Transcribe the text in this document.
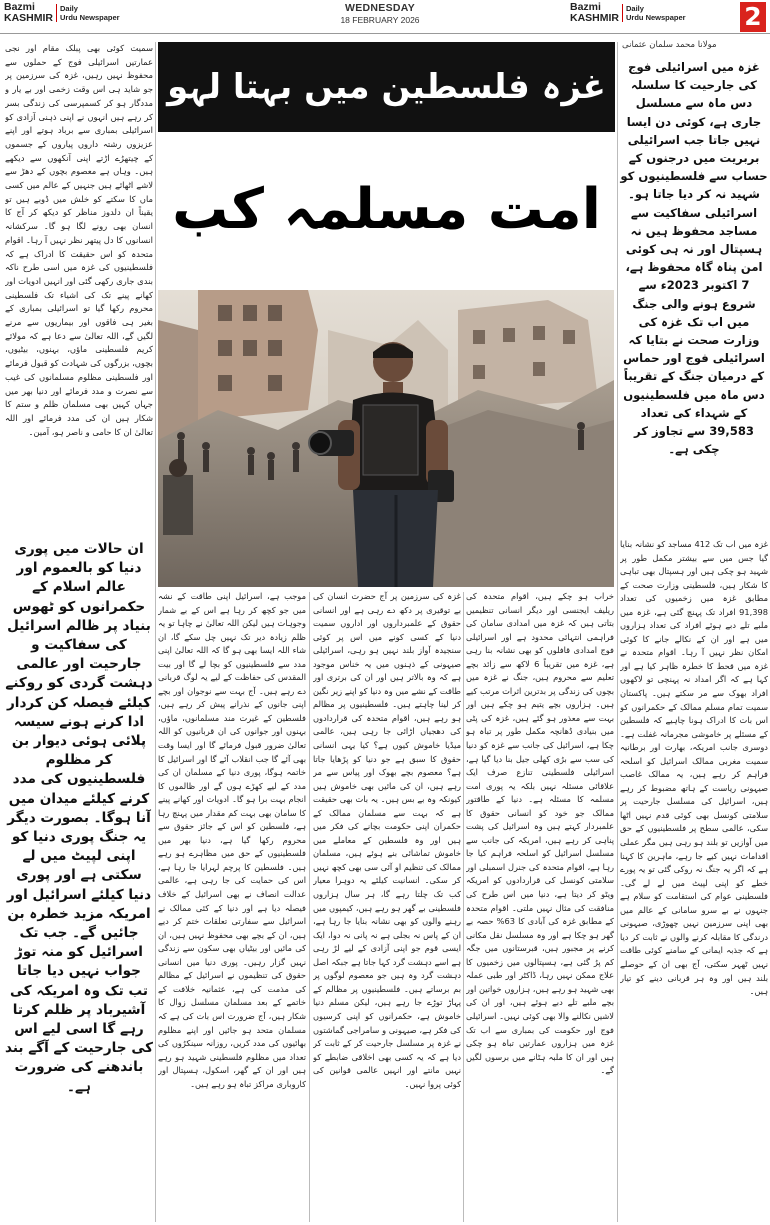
Bazmi
KASHMIR
Daily
Urdu Newspaper
WEDNESDAY
18 FEBRUARY 2026
Bazmi
KASHMIR
Daily
Urdu Newspaper 2
مولانا محمد سلمان عثمانی
غزہ میں اسرائیلی فوج کی جارحیت کا سلسلہ دس ماہ سے مسلسل جاری ہے، کوئی دن ایسا نہیں جاتا جب اسرائیلی بربریت میں درجنوں کے حساب سے فلسطینیوں کو شہید نہ کر دیا جاتا ہو۔ اسرائیلی سفاکیت سے مساجد محفوظ ہیں نہ ہسپتال اور نہ ہی کوئی امن پناہ گاہ محفوظ ہے، 7 اکتوبر 2023ء سے شروع ہونے والی جنگ میں اب تک غزہ کی وزارت صحت نے بتایا کہ اسرائیلی فوج اور حماس کے درمیان جنگ کے تقریباً دس ماہ میں فلسطینیوں کے شہداء کی تعداد 39,583 سے تجاوز کر چکی ہے۔
غزہ فلسطین میں بہتا لہو
امت مسلمہ کب
سمیت کوئی بھی پبلک مقام اور نجی عمارتیں اسرائیلی فوج کے حملوں سے محفوظ نہیں رہیں، غزہ کی سرزمین پر جو شاید ہی اس وقت زخمی اور بے یار و مددگار ہو کر کسمپرسی کی زندگی بسر کر رہے ہیں انہوں نے اپنی ذہنی آزادی کو اسرائیلی بمباری سے برباد ہوتے اور اپنے عزیزوں رشتہ داروں پیاروں کے جسموں کے چیتھڑے اڑتے اپنی آنکھوں سے دیکھے ہیں۔ وہاں ہے معصوم بچوں کے دھڑ سے لاشے اٹھائے ہیں جنہیں کے عالم میں کسی ماں کا سکتے کو خلش میں ڈوبے ہیں تو یقیناً ان دلدوز مناظر کو دیکھ کر آج کا انسان بھی رونے لگا ہو گا۔ سرکشانہ انسانوں کا دل پیتھر نظر نہیں آ رہا۔ اقوام متحدہ کو اس حقیقت کا ادراک ہے کہ فلسطینیوں کی غزہ میں اسی طرح ناکہ بندی جاری رکھی گئی اور انہیں ادویات اور کھانے پینے تک کی اشیاء تک فلسطینی محروم رکھا گیا تو اسرائیلی بمباری کے بغیر ہی فاقوں اور بیماریوں سے مرنے لگیں گے، اللہ تعالیٰ سے دعا ہے کہ مولائے کریم فلسطینی ماؤں، بہنوں، بیٹیوں، بچوں، بزرگوں کی شہادت کو قبول فرمائے اور فلسطینی مظلوم مسلمانوں کی غیب سے نصرت و مدد فرمائے اور دنیا بھر میں جہاں کہیں بھی مسلمان ظلم و ستم کا شکار ہیں ان کی مدد فرمائے اور اللہ تعالیٰ ان کا حامی و ناصر ہو، آمین۔
ان حالات میں پوری دنیا کو بالعموم اور عالم اسلام کے حکمرانوں کو ٹھوس بنیاد پر ظالم اسرائیل کی سفاکیت و جارحیت اور عالمی دہشت گردی کو روکنے کیلئے فیصلہ کن کردار ادا کرنے ہونے سیسہ پلائی ہوئی دیوار بن کر مظلوم فلسطینیوں کی مدد کرنے کیلئے میدان میں آنا ہوگا۔ بصورت دیگر یہ جنگ پوری دنیا کو اپنی لپیٹ میں لے سکتی ہے اور پوری دنیا کیلئے اسرائیل اور امریکہ مزید خطرہ بن جائیں گے۔ جب تک اسرائیل کو منہ توڑ جواب نہیں دیا جاتا تب تک وہ امریکہ کی آشیرباد پر ظلم کرتا رہے گا اسی لیے اس کی جارحیت کے آگے بند باندھنے کی ضرورت ہے۔
موجب ہے، اسرائیل اپنی طاقت کے نشہ میں جو کچھ کر رہا ہے اس کے بے شمار وجوہات ہیں لیکن اللہ تعالیٰ نے چاہا تو یہ ظلم زیادہ دیر تک نہیں چل سکے گا، ان شاء اللہ ایسا بھی ہو گا کہ اللہ تعالیٰ اپنی مدد سے فلسطینیوں کو بچا لے گا اور بیت المقدس کی حفاظت کے لیے یہ لوگ قربانی دے رہے ہیں۔ آج بہت سے نوجوان اور بچے اپنی جانوں کے نذرانے پیش کر رہے ہیں، فلسطین کے غیرت مند مسلمانوں، ماؤں، بہنوں اور جوانوں کی ان قربانیوں کو اللہ تعالیٰ ضرور قبول فرمائے گا اور ایسا وقت بھی آئے گا جب انقلاب آئے گا اور اسرائیل کا خاتمہ ہوگا، پوری دنیا کے مسلمان ان کی مدد کے لیے کھڑے ہوں گے اور ظالموں کا انجام بہت برا ہو گا۔ ادویات اور کھانے پینے کا سامان بھی بہت کم مقدار میں پہنچ رہا ہے، فلسطین کو اس کے جائز حقوق سے محروم رکھا گیا ہے، دنیا بھر میں فلسطینیوں کے حق میں مظاہرے ہو رہے ہیں۔ فلسطین کا پرچم لہرایا جا رہا ہے، اس کی حمایت کی جا رہی ہے، عالمی عدالت انصاف نے بھی اسرائیل کے خلاف فیصلہ دیا ہے اور دنیا کے کئی ممالک نے اسرائیل سے سفارتی تعلقات ختم کر دیے ہیں، ان کے بچے بھی محفوظ نہیں ہیں، ان کی مائیں اور بیٹیاں بھی سکون سے زندگی نہیں گزار رہیں۔ پوری دنیا میں انسانی حقوق کی تنظیموں نے اسرائیل کے مظالم کی مذمت کی ہے، عثمانیہ خلافت کے خاتمے کے بعد مسلمان مسلسل زوال کا شکار ہیں، آج ضرورت اس بات کی ہے کہ مسلمان متحد ہو جائیں اور اپنے مظلوم بھائیوں کی مدد کریں، روزانہ سینکڑوں کی تعداد میں مظلوم فلسطینی شہید ہو رہے ہیں اور ان کے گھر، اسکول، ہسپتال اور کاروباری مراکز تباہ ہو رہے ہیں۔
غزہ کی سرزمین پر آج حضرت انسان کی بے توقیری پر دکھ دے رہی ہے اور انسانی حقوق کے علمبرداروں اور اداروں سمیت دنیا کے کسی کونے میں اس پر کوئی سنجیدہ آواز بلند نہیں ہو رہی، اسرائیلی صیہونی کے ذہنوں میں یہ خناس موجود ہے کہ وہ بالاتر ہیں اور ان کی برتری اور طاقت کے نشے میں وہ دنیا کو اپنے زیر نگین کر لینا چاہتے ہیں۔ فلسطینیوں پر مظالم ہو رہے ہیں، اقوام متحدہ کی قراردادوں کی دھجیاں اڑائی جا رہی ہیں، عالمی میڈیا خاموش کیوں ہے؟ کیا یہی انسانی حقوق کا سبق ہے جو دنیا کو پڑھایا جاتا ہے؟ معصوم بچے بھوک اور پیاس سے مر رہے ہیں، ان کی مائیں بھی خاموش ہیں کیونکہ وہ بے بس ہیں۔ یہ بات بھی حقیقت ہے کہ بہت سے مسلمان ممالک کے حکمران اپنی حکومت بچانے کی فکر میں ہیں اور وہ فلسطین کے معاملے میں خاموش تماشائی بنے ہوئے ہیں، مسلمان ممالک کی تنظیم او آئی سی بھی کچھ نہیں کر سکی۔ انسانیت کیلئے یہ دوہرا معیار کب تک چلتا رہے گا، ہر سال ہزاروں فلسطینی بے گھر ہو رہے ہیں، کیمپوں میں رہنے والوں کو بھی نشانہ بنایا جا رہا ہے، ان کے پاس نہ بجلی ہے نہ پانی نہ دوا، ایک ایسی قوم جو اپنی آزادی کے لیے لڑ رہی ہے اسے دہشت گرد کہا جاتا ہے جبکہ اصل دہشت گرد وہ ہیں جو معصوم لوگوں پر بم برساتے ہیں۔ فلسطینیوں پر مظالم کے پہاڑ توڑے جا رہے ہیں، لیکن مسلم دنیا خاموش ہے، حکمرانوں کو اپنی کرسیوں کی فکر ہے، صیہونی و سامراجی گماشتوں نے غزہ پر مسلسل جارحیت کر کے ثابت کر دیا ہے کہ یہ کسی بھی اخلاقی ضابطے کو نہیں مانتے اور انہیں عالمی قوانین کی کوئی پروا نہیں۔
خراب ہو چکے ہیں، اقوام متحدہ کی ریلیف ایجنسی اور دیگر انسانی تنظیمیں بتاتی ہیں کہ غزہ میں امدادی سامان کی فراہمی انتہائی محدود ہے اور اسرائیلی فوج امدادی قافلوں کو بھی نشانہ بنا رہی ہے، غزہ میں تقریباً 6 لاکھ سے زائد بچے تعلیم سے محروم ہیں، جنگ نے غزہ میں بچوں کی زندگی پر بدترین اثرات مرتب کیے ہیں۔ ہزاروں بچے یتیم ہو چکے ہیں اور بہت سے معذور ہو گئے ہیں، غزہ کی پٹی میں بنیادی ڈھانچہ مکمل طور پر تباہ ہو چکا ہے، اسرائیل کی جانب سے غزہ کو دنیا کی سب سے بڑی کھلی جیل بنا دیا گیا ہے، اسرائیلی فلسطینی تنازع صرف ایک علاقائی مسئلہ نہیں بلکہ یہ پوری امت مسلمہ کا مسئلہ ہے۔ دنیا کے طاقتور ممالک جو خود کو انسانی حقوق کا علمبردار کہتے ہیں وہ اسرائیل کی پشت پناہی کر رہے ہیں، امریکہ کی جانب سے مسلسل اسرائیل کو اسلحہ فراہم کیا جا رہا ہے، اقوام متحدہ کی جنرل اسمبلی اور سلامتی کونسل کی قراردادوں کو امریکہ ویٹو کر دیتا ہے، دنیا میں اس طرح کی منافقت کی مثال نہیں ملتی۔ اقوام متحدہ کے مطابق غزہ کی آبادی کا 63% حصہ بے گھر ہو چکا ہے اور وہ مسلسل نقل مکانی کرنے پر مجبور ہیں، قبرستانوں میں جگہ کم پڑ گئی ہے، ہسپتالوں میں زخمیوں کا علاج ممکن نہیں رہا، ڈاکٹر اور طبی عملہ بھی شہید ہو رہے ہیں، ہزاروں خواتین اور بچے ملبے تلے دبے ہوئے ہیں، اور ان کی لاشیں نکالنے والا بھی کوئی نہیں۔ اسرائیلی فوج اور حکومت کی بمباری سے اب تک غزہ میں ہزاروں عمارتیں تباہ ہو چکی ہیں اور ان کا ملبہ ہٹانے میں برسوں لگیں گے۔
غزہ میں اب تک 412 مساجد کو نشانہ بنایا گیا جس میں سے بیشتر مکمل طور پر شہید ہو چکی ہیں اور ہسپتال بھی تباہی کا شکار ہیں، فلسطینی وزارت صحت کے مطابق غزہ میں زخمیوں کی تعداد 91,398 افراد تک پہنچ گئی ہے، غزہ میں ملبے تلے دبے ہوئے افراد کی تعداد ہزاروں میں ہے اور ان کے نکالے جانے کا کوئی امکان نظر نہیں آ رہا۔ اقوام متحدہ نے غزہ میں قحط کا خطرہ ظاہر کیا ہے اور کہا ہے کہ اگر امداد نہ پہنچی تو لاکھوں افراد بھوک سے مر سکتے ہیں۔ پاکستان سمیت تمام مسلم ممالک کے حکمرانوں کو اس بات کا ادراک ہونا چاہیے کہ فلسطین کے مسئلے پر خاموشی مجرمانہ غفلت ہے۔ دوسری جانب امریکہ، بھارت اور برطانیہ سمیت مغربی ممالک اسرائیل کو اسلحہ فراہم کر رہے ہیں، یہ ممالک غاصب صیہونی ریاست کے ہاتھ مضبوط کر رہے ہیں، اسرائیل کی مسلسل جارحیت پر سلامتی کونسل بھی کوئی قدم نہیں اٹھا سکی، عالمی سطح پر فلسطینیوں کے حق میں آوازیں تو بلند ہو رہی ہیں مگر عملی اقدامات نہیں کیے جا رہے، ماہرین کا کہنا ہے کہ اگر یہ جنگ نہ روکی گئی تو یہ پورے خطے کو اپنی لپیٹ میں لے لے گی۔ فلسطینی عوام کی استقامت کو سلام ہے جنہوں نے بے سرو سامانی کے عالم میں بھی اپنی سرزمین نہیں چھوڑی، صیہونی درندگی کا مقابلہ کرنے والوں نے ثابت کر دیا ہے کہ جذبہ ایمانی کے سامنے کوئی طاقت نہیں ٹھہر سکتی، آج بھی ان کے حوصلے بلند ہیں اور وہ ہر قربانی دینے کو تیار ہیں۔
